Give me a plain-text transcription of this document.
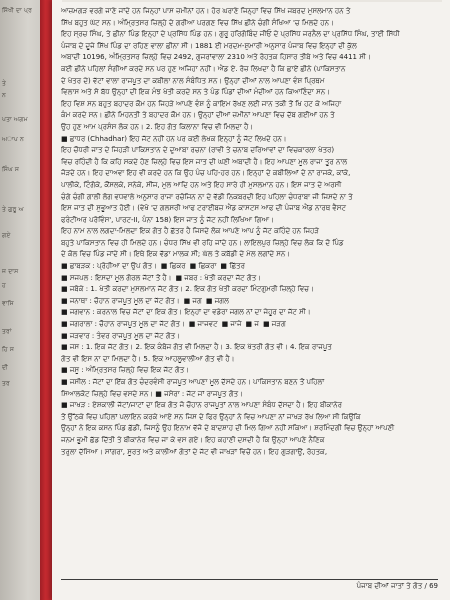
ਸਿੱਖੀ ਦਾ ਪ੍ਰ
ਤੇ
ਨ
ਪਤਾ ਅਗਮ
ਅਾਪ ਨ
ਸਿੰਘ ਸ
ਤੇ ਗੁਰੂ ਅ
ਗਏ
ਜ ਦਾਸ
ਹ
ਵਾਸਿ
ਤਰਾਂ
ਹਿ ਸ
ਦੀ
ਤਰ
ਆਜ਼ਮਗੜ ਵਰਗੇ ਜਾਣੇ ਜਾਂਦੇ ਹਨ ਜਿਨ੍ਹਾਂ ਪਾਸ ਜ਼ਮੀਨਾਂ ਹਨ। ਹੋਰ ਘਰਾਣੇ ਜਿਨ੍ਹਾਂ ਵਿਚ ਸਿੱਖ ਜਬਰਦ ਮੁਸਲਮਾਨ ਹਨ ਤੇ
ਸਿੱਖ ਬਹੁਤ ਘੱਟ ਸਨ। ਅੰਮ੍ਰਿਤਸਰ ਜ਼ਿਲ੍ਹੇ ਦੇ ਗਰੀਆ ਪਰਗਣ ਵਿਚ ਸਿੱਖ ਛੀਨੇ ਚੰਗੀ ਸੰਖਿਆ 'ਚ ਮਿਲਦੇ ਹਨ।
ਇਹ ਸ੍ਰਚ ਸਿੰਘ, ਤੇ ਛੀਨਾ ਪਿੰਡ ਇਨ੍ਹਾਂ ਦੇ ਪ੍ਰਸਿੱਧ ਪਿੰਡ ਹਨ। ਗੁਰੂ ਹਰਿਗੋਬਿੰਦ ਜੀਓਂ ਦੇ ਪ੍ਰਸਿੱਧ ਜਰਨੈਲ ਦਾ ਪ੍ਰਸਿੱਧ ਸਿੰਘ, ਤਾਈ ਸਿੱਧੀ
ਪੰਜਾਬ ਦੇ ਦੂਜੇ ਸਿੱਖ ਪਿੰਡ ਦਾ ਰਹਿਣ ਵਾਲਾ ਛੀਨਾ ਸੀ। 1881 ਈ ਮਰਦਮ-ਸ਼ੁਮਾਰੀ ਅਨੁਸਾਰ ਪੰਜਾਬ ਵਿਚ ਇਨ੍ਹਾਂ ਦੀ ਕੁੱਲ
ਅਬਾਦੀ 10196, ਅੰਮ੍ਰਿਤਸਰ ਜ਼ਿਲ੍ਹੇ ਵਿਚ 2492, ਗੁਜਰਾਂਵਾਲਾ 2310 ਅਤੇ ਰੋਹਤਕ ਹਿਸਾਰ ਤੀਬੇ ਅਤੇ ਵਿਚ 4411 ਸੀ।
ਕਈ ਛੀਨੇ ਪਹਿਲਾਂ ਸੰਗੀਆਂ ਕਰਦੇ ਸਨ ਪਰ ਹੁਣ ਅਜਿਹਾ ਨਹੀਂ। ਐਂਡ ਏ. ਰੋਜ਼ ਲਿਖਦਾ ਹੈ ਕਿ ਛਾਏਂ ਛੀਨੇ (ਪਾਕਿਸਤਾਨ
ਦੇ ਖੇਤਰ ਦੇ) ਵੱਟਾਂ ਵਾਲਾ ਰਾਜਪੂਤ ਦਾ ਕਬੀਲਾ ਨਾਲ ਸੰਬੰਧਿਤ ਸਨ। ਉਨ੍ਹਾਂ ਦੀਆਂ ਨਾਲ ਆਪਣਾ ਵੰਸ਼ ਪ੍ਰਿਥਮ
ਵਿਲਾਸ ਅਤੇ ਸੋ ਬੱਧ ਉਨ੍ਹਾਂ ਦੀ ਇਕ ਮੰਝ ਖੇਤੀ ਕਰਦੇ ਸਨ ਤੇ ਪੰਡ ਪਿੰਡਾਂ ਦੀਆਂ ਮੰਦੀਆਂ ਹਨ ਕਿਆਣਿੰਦਾ ਸਨ।
ਇਹ ਵਿਸ਼ ਸਨ ਬਹੁਤ ਬਹਾਦਰ ਕੌਮ ਹਨ ਜਿਹੜੇ ਆਪਣੇ ਵੰਸ਼ ਨੂੰ ਕਾਇਮ ਰੱਖਣ ਲਈ ਜਾਨ ਤਕੀ ਤੋਂ ਖਿ ਹਟ ਕੇ ਅਜਿਹਾ
ਕੰਮ ਕਰਦੇ ਸਨ। ਛੀਨੇ ਮਿਹਨਤੀ ਤੇ ਬਹਾਦਰ ਕੌਮ ਹਨ। ਉਨ੍ਹਾਂ ਦੀਆਂ ਜ਼ਮੀਨਾਂ ਆਪਣਾ ਵਿਚ ਦੱਬ ਗਈਆਂ ਹਨ ਤੇ
ਉਹ ਹੁਣ ਆਮ ਪ੍ਰਸੰਸ ਲੋਕ ਹਨ। 2. ਇਹ ਗੋਤ ਕਿਲਾਨਾ ਵਿਚ ਵੀ ਮਿਲਦਾ ਹੈ।
■ ਛਾਧਰ (Chhadhar) ਇਹ ਜੱਟ ਨਹੀਂ ਹਨ ਪਰ ਕਈ ਲੇਖਕ ਇਨ੍ਹਾਂ ਨੂੰ ਜੱਟ ਲਿਖਦੇ ਹਨ।
ਇਹ ਚੌਧਰੀ ਜਾਤ ਦੇ ਜਿਹੜੀ ਪਾਕਿਸਤਾਨ ਦੇ ਦੁਆਬਾ ਰਚਨਾ (ਰਾਵੀ ਤੇ ਚਨਾਬ ਦਰਿਆਵਾਂ ਦਾ ਵਿਚਕਾਰਲਾ ਖੇਤਰ)
ਵਿਚ ਰਹਿੰਦੀ ਹੈ ਕਿ ਕਹਿ ਸਕਦੇ ਹੋਣ ਜ਼ਿਲ੍ਹੇ ਵਿਚ ਇਸ ਜਾਤ ਦੀ ਘਣੀ ਅਬਾਦੀ ਹੈ। ਇਹ ਆਪਣਾ ਮੂਲ ਰਾਜਾ ਤੂਰ ਨਾਲ
ਜੋੜਦੇ ਹਨ। ਇਹ ਦਾਅਵਾ ਇਹ ਵੀ ਕਰਦੇ ਹਨ ਕਿ ਉਹ ਪੰਚ ਪਹਿ-ਹਰ ਹਨ। ਇਨ੍ਹਾਂ ਦੇ ਕਬੀਲਿਆਂ ਦੇ ਨਾਂ ਰਾਜਕੇ, ਕਾਂਕੇ,
ਪਾਲੀਕੇ, ਟਿੰਗੋਕੇ, ਕੌਂਸਲਕੇ, ਸਨੇਕੇ, ਸੀਂਜ, ਮੁਲ ਆਦਿ ਹਨ ਅਤੇ ਇਹ ਸਾਰੇ ਹੀ ਮੁਸਲਮਾਨ ਹਨ। ਇਸ ਜਾਤ ਦੇ ਅਰਸੀ
ਚੰਗੇ ਚੰਗੀ ਗਾਲੀ ਲੋਗ ਵਧਵਾਲੇ ਅਨੁਸਾਰ ਰਾਜਾ ਰਚੋਜਿਨ ਨਾ ਦੇ ਵੱਡੀ ਨਿਕਬਰਦੀ ਇਹ ਪਹਿਲਾ ਚੰਧਰਾਬਾ ਜੀ ਜਿਸਦੇ ਨਾ ਤੇ
ਇਸ ਜਾਤ ਦੀ ਸੁਭੂਆਤ ਹੋਈ। (ਵੇਖੋ 'ਦ ਗਲਸਰੀ ਆਫ ਟਰਾਈਬਜ਼ ਐਂਡ ਕਾਸਟਸ ਆਫ ਦੀ ਪੰਜਾਬ ਐਂਡ ਨਾਰਥ ਵੈਸਟ
ਫਰੰਟੀਅਰ ਪਰੋਵਿੰਸ', ਪਾਰਟ-II, ਪੰਨਾ 158) ਇਸ ਜਾਤ ਨੂੰ ਜੱਟ ਨਹੀਂ ਲਿਖਿਆ ਗਿਆ।
ਇਹ ਨਾਮ ਨਾਲ ਲਗਦਾ-ਮਿਲਦਾ ਇਕ ਗੋਤ ਹੈ ਛੱਤਰ ਹੈ ਜਿਸਦੇ ਲੋਕ ਆਪਣੇ ਆਪ ਨੂੰ ਜੱਟ ਕਹਿੰਦੇ ਹਨ ਜਿਹੜੇ
ਬਹੁਤੇ ਪਾਕਿਸਤਾਨ ਵਿਚ ਹੀ ਮਿਲਦੇ ਹਨ। ਚੰਧਰ ਸਿੱਖ ਵੀ ਰਹਿ ਜਾਂਦੇ ਹਨ। ਲਾਇਲਪੁਰ ਜ਼ਿਲ੍ਹੇ ਵਿਚ ਲੋਕ ਕਿ ਦੋ ਪਿੰਡ
ਦੇ ਕੋਲ ਵਿਚ ਪਿੰਡ ਜਾਂਦੇ ਸੀ। ਇਥੇ ਇਕ ਵੱਡਾ ਮਾਲਕ ਸੀ; ਘੱਲ ਤੇ ਕਬੱਡੀ ਦੇ ਮੇਲ ਲਗਾਂਦੇ ਸਨ।
■ ਛਾਬੜਕ : ਪ੍ਰੋਹੀਆ ਦਾ ਉਪ ਗੋਤ। ■ ਛਿਕਰ ■ ਛਿਕਰਾ ■ ਛਿੱਤਰ
■ ਸਜਪਲ : ਇਸਦਾ ਮੂਲ ਗੋਰਲ ਜੱਟਾਂ ਤੋਂ ਹੈ। ■ ਜਬਰ : ਖੇਤੀ ਕਰਦਾ ਜੱਟ ਗੋਤ।
■ ਜਬੋਕੇ : 1. ਖੇਤੀ ਕਰਦਾ ਮੁਸਲਮਾਨ ਜੱਟ ਗੋਤ। 2. ਇਕ ਗੋਤ ਖੇਤੀ ਕਰਦਾ ਮਿੰਟਗੁਮਰੀ ਜ਼ਿਲ੍ਹੇ ਵਿਚ।
■ ਜਨਾਥਾ : ਚੌਹਾਨ ਰਾਜਪੂਤ ਮੂਲ ਦਾ ਜੱਟ ਗੋਤ। ■ ਜਗ ■ ਜਗਲ
■ ਜਗਵਾਨ : ਕਰਨਾਲ ਵਿਚ ਜੱਟਾਂ ਦਾ ਇਕ ਗੋਤ। ਇਨ੍ਹਾਂ ਦਾ ਵਡੇਰਾ ਜਗਲ ਨਾਂ ਦਾ ਜੇਹੂਰ ਦਾ ਜੱਟ ਸੀ।
■ ਜਗਰਾਲਾ : ਚੌਹਾਨ ਰਾਜਪੂਤ ਮੂਲ ਦਾ ਜੱਟ ਗੋਤ। ■ ਜਾਜਵਟ ■ ਜਾਜੇ ■ ਜ ■ ਜੜਗ
■ ਜੜਵਾਰ : ਤੰਵਰ ਰਾਜਪੂਤ ਮੂਲ ਦਾ ਜੱਟ ਗੋਤ।
■ ਜਸ : 1. ਇਕ ਜੱਟ ਗੋਤ। 2. ਇਕ ਕੰਬੋਜ ਗੋਤ ਵੀ ਮਿਲਦਾ ਹੈ। 3. ਇਕ ਖੱਤਰੀ ਗੋਤ ਵੀ। 4. ਇਕ ਰਾਜਪੂਤ
ਗੋਤ ਵੀ ਇਸ ਨਾ ਦਾ ਮਿਲਦਾ ਹੈ। 5. ਇਕ ਆਹਲੂਵਾਲੀਆ ਗੋਤ ਵੀ ਹੈ।
■ ਜਸੂ : ਅੰਮ੍ਰਿਤਸਰ ਜ਼ਿਲ੍ਹੇ ਵਿਚ ਇਕ ਜੱਟ ਗੋਤ।
■ ਜਸੀਲ : ਜੱਟਾਂ ਦਾ ਇੱਕ ਗੋਤ ਚੰਦਰਵੰਸੀ ਰਾਜਪੂਤ ਆਪਣਾ ਮੂਲ ਦੱਸਦੇ ਹਨ। ਪਾਕਿਸਤਾਨ ਬਣਨ ਤੋਂ ਪਹਿਲਾਂ
ਸਿਆਲਕੋਟ ਜ਼ਿਲ੍ਹੇ ਵਿਚ ਵਸਦੇ ਸਨ। ■ ਜਸੇਰਾ : ਜੱਟ ਜਾਂ ਰਾਜਪੂਤ ਗੋਤ।
■ ਜਾਖੜ : ਏਸ਼ਕਾਲੀ ਜੱਟਾਂ/ਜਾਟਾਂ ਦਾ ਇਕ ਗੋਤ ਜੋ ਚੌਹਾਨ ਰਾਜਪੂਤਾਂ ਨਾਲ ਆਪਣਾ ਸੰਬੰਧ ਦੱਸਦਾ ਹੈ। ਇਹ ਬੀਕਾਨੇਰ
ਤੋਂ ਉੱਠਕੇ ਵਿਚ ਪਹਿਲਾਂ ਪਲਾਇਨ ਕਰਕੇ ਆਏ ਸਨ ਜਿਸ ਦੇ ਫਿਰ ਉਨ੍ਹਾਂ ਨੇ ਵਿਚ ਆਪਣਾ ਨਾਂ ਜਾਖੜ ਰੱਖ ਲਿਆ ਸੀ ਕਿਉਂਕਿ
ਉਨ੍ਹਾਂ ਨੇ ਇਕ ਕਸਨ ਪਿੰਡ ਛੱਡੀ, ਜਿਸਨੂੰ ਉਹ ਇਨਾਮ ਵੱਜੋ ਦੇ ਬਾਦਸ਼ਾਹ ਦੀ ਮਿਲ ਗਿਆ ਨਹੀਂ ਸਕਿਆ। ਸ਼ਰਮਿੰਦਗੀ ਵਿਚ ਉਨ੍ਹਾਂ ਆਪਣੀ
ਜਨਮ ਭੂਮੀ ਛੱਡ ਦਿੱਤੀ ਤੇ ਬੀਕਾਨੇਰ ਵਿਚ ਜਾ ਕੇ ਵਸ ਗਏ। ਇਹ ਕਹਾਣੀ ਦਸਦੀ ਹੈ ਕਿ ਉਨ੍ਹਾਂ ਆਪਣੇ ਨੈਣਿਕ
ਤਰੁਲਾ ਦੱਸਿਆ। ਸਾਂਗਰਾ, ਸੂਰਤ ਅਤੇ ਕਾਲੀਆਂ ਗੋਤਾਂ ਦੇ ਜੱਟ ਵੀ ਜਾਖੜਾਂ ਵਿਚੋਂ ਹਨ। ਇਹ ਗੁੜਗਾਉਂ, ਰੋਹਤਕ,
ਪੰਜਾਬ ਦੀਆਂ ਜਾਤਾਂ ਤੇ ਗੋਤ / 69
